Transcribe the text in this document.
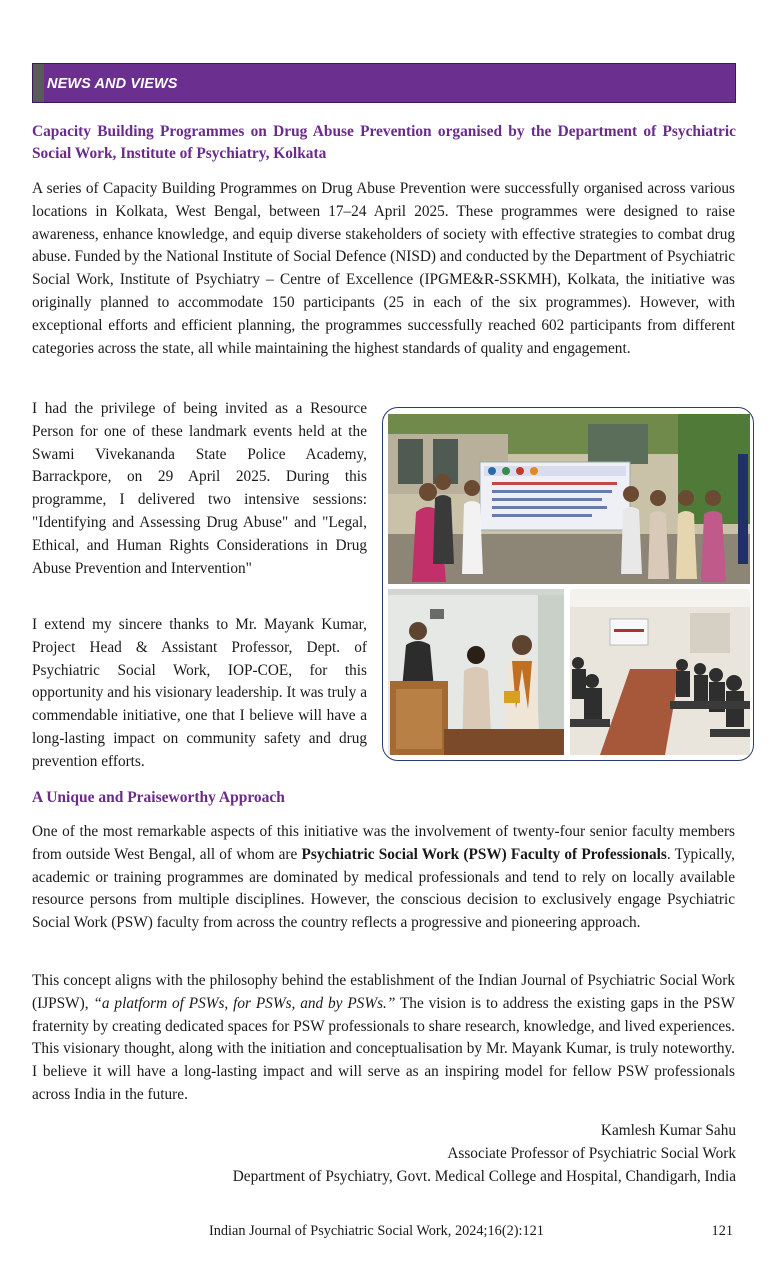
NEWS AND VIEWS
Capacity Building Programmes on Drug Abuse Prevention organised by the Department of Psychiatric Social Work, Institute of Psychiatry, Kolkata

A series of Capacity Building Programmes on Drug Abuse Prevention were successfully organised across various locations in Kolkata, West Bengal, between 17–24 April 2025. These programmes were designed to raise awareness, enhance knowledge, and equip diverse stakeholders of society with effective strategies to combat drug abuse. Funded by the National Institute of Social Defence (NISD) and conducted by the Department of Psychiatric Social Work, Institute of Psychiatry – Centre of Excellence (IPGME&R-SSKMH), Kolkata, the initiative was originally planned to accommodate 150 participants (25 in each of the six programmes). However, with exceptional efforts and efficient planning, the programmes successfully reached 602 participants from different categories across the state, all while maintaining the highest standards of quality and engagement.

I had the privilege of being invited as a Resource Person for one of these landmark events held at the Swami Vivekananda State Police Academy, Barrackpore, on 29 April 2025. During this programme, I delivered two intensive sessions: "Identifying and Assessing Drug Abuse" and "Legal, Ethical, and Human Rights Considerations in Drug Abuse Prevention and Intervention"

I extend my sincere thanks to Mr. Mayank Kumar, Project Head & Assistant Professor, Dept. of Psychiatric Social Work, IOP-COE, for this opportunity and his visionary leadership. It was truly a commendable initiative, one that I believe will have a long-lasting impact on community safety and drug prevention efforts.

A Unique and Praiseworthy Approach

One of the most remarkable aspects of this initiative was the involvement of twenty-four senior faculty members from outside West Bengal, all of whom are Psychiatric Social Work (PSW) Faculty of Professionals. Typically, academic or training programmes are dominated by medical professionals and tend to rely on locally available resource persons from multiple disciplines. However, the conscious decision to exclusively engage Psychiatric Social Work (PSW) faculty from across the country reflects a progressive and pioneering approach.

This concept aligns with the philosophy behind the establishment of the Indian Journal of Psychiatric Social Work (IJPSW), “a platform of PSWs, for PSWs, and by PSWs.” The vision is to address the existing gaps in the PSW fraternity by creating dedicated spaces for PSW professionals to share research, knowledge, and lived experiences. This visionary thought, along with the initiation and conceptualisation by Mr. Mayank Kumar, is truly noteworthy. I believe it will have a long-lasting impact and will serve as an inspiring model for fellow PSW professionals across India in the future.

Kamlesh Kumar Sahu

Associate Professor of Psychiatric Social Work

Department of Psychiatry, Govt. Medical College and Hospital, Chandigarh, India

Indian Journal of Psychiatric Social Work, 2024;16(2):121	121
